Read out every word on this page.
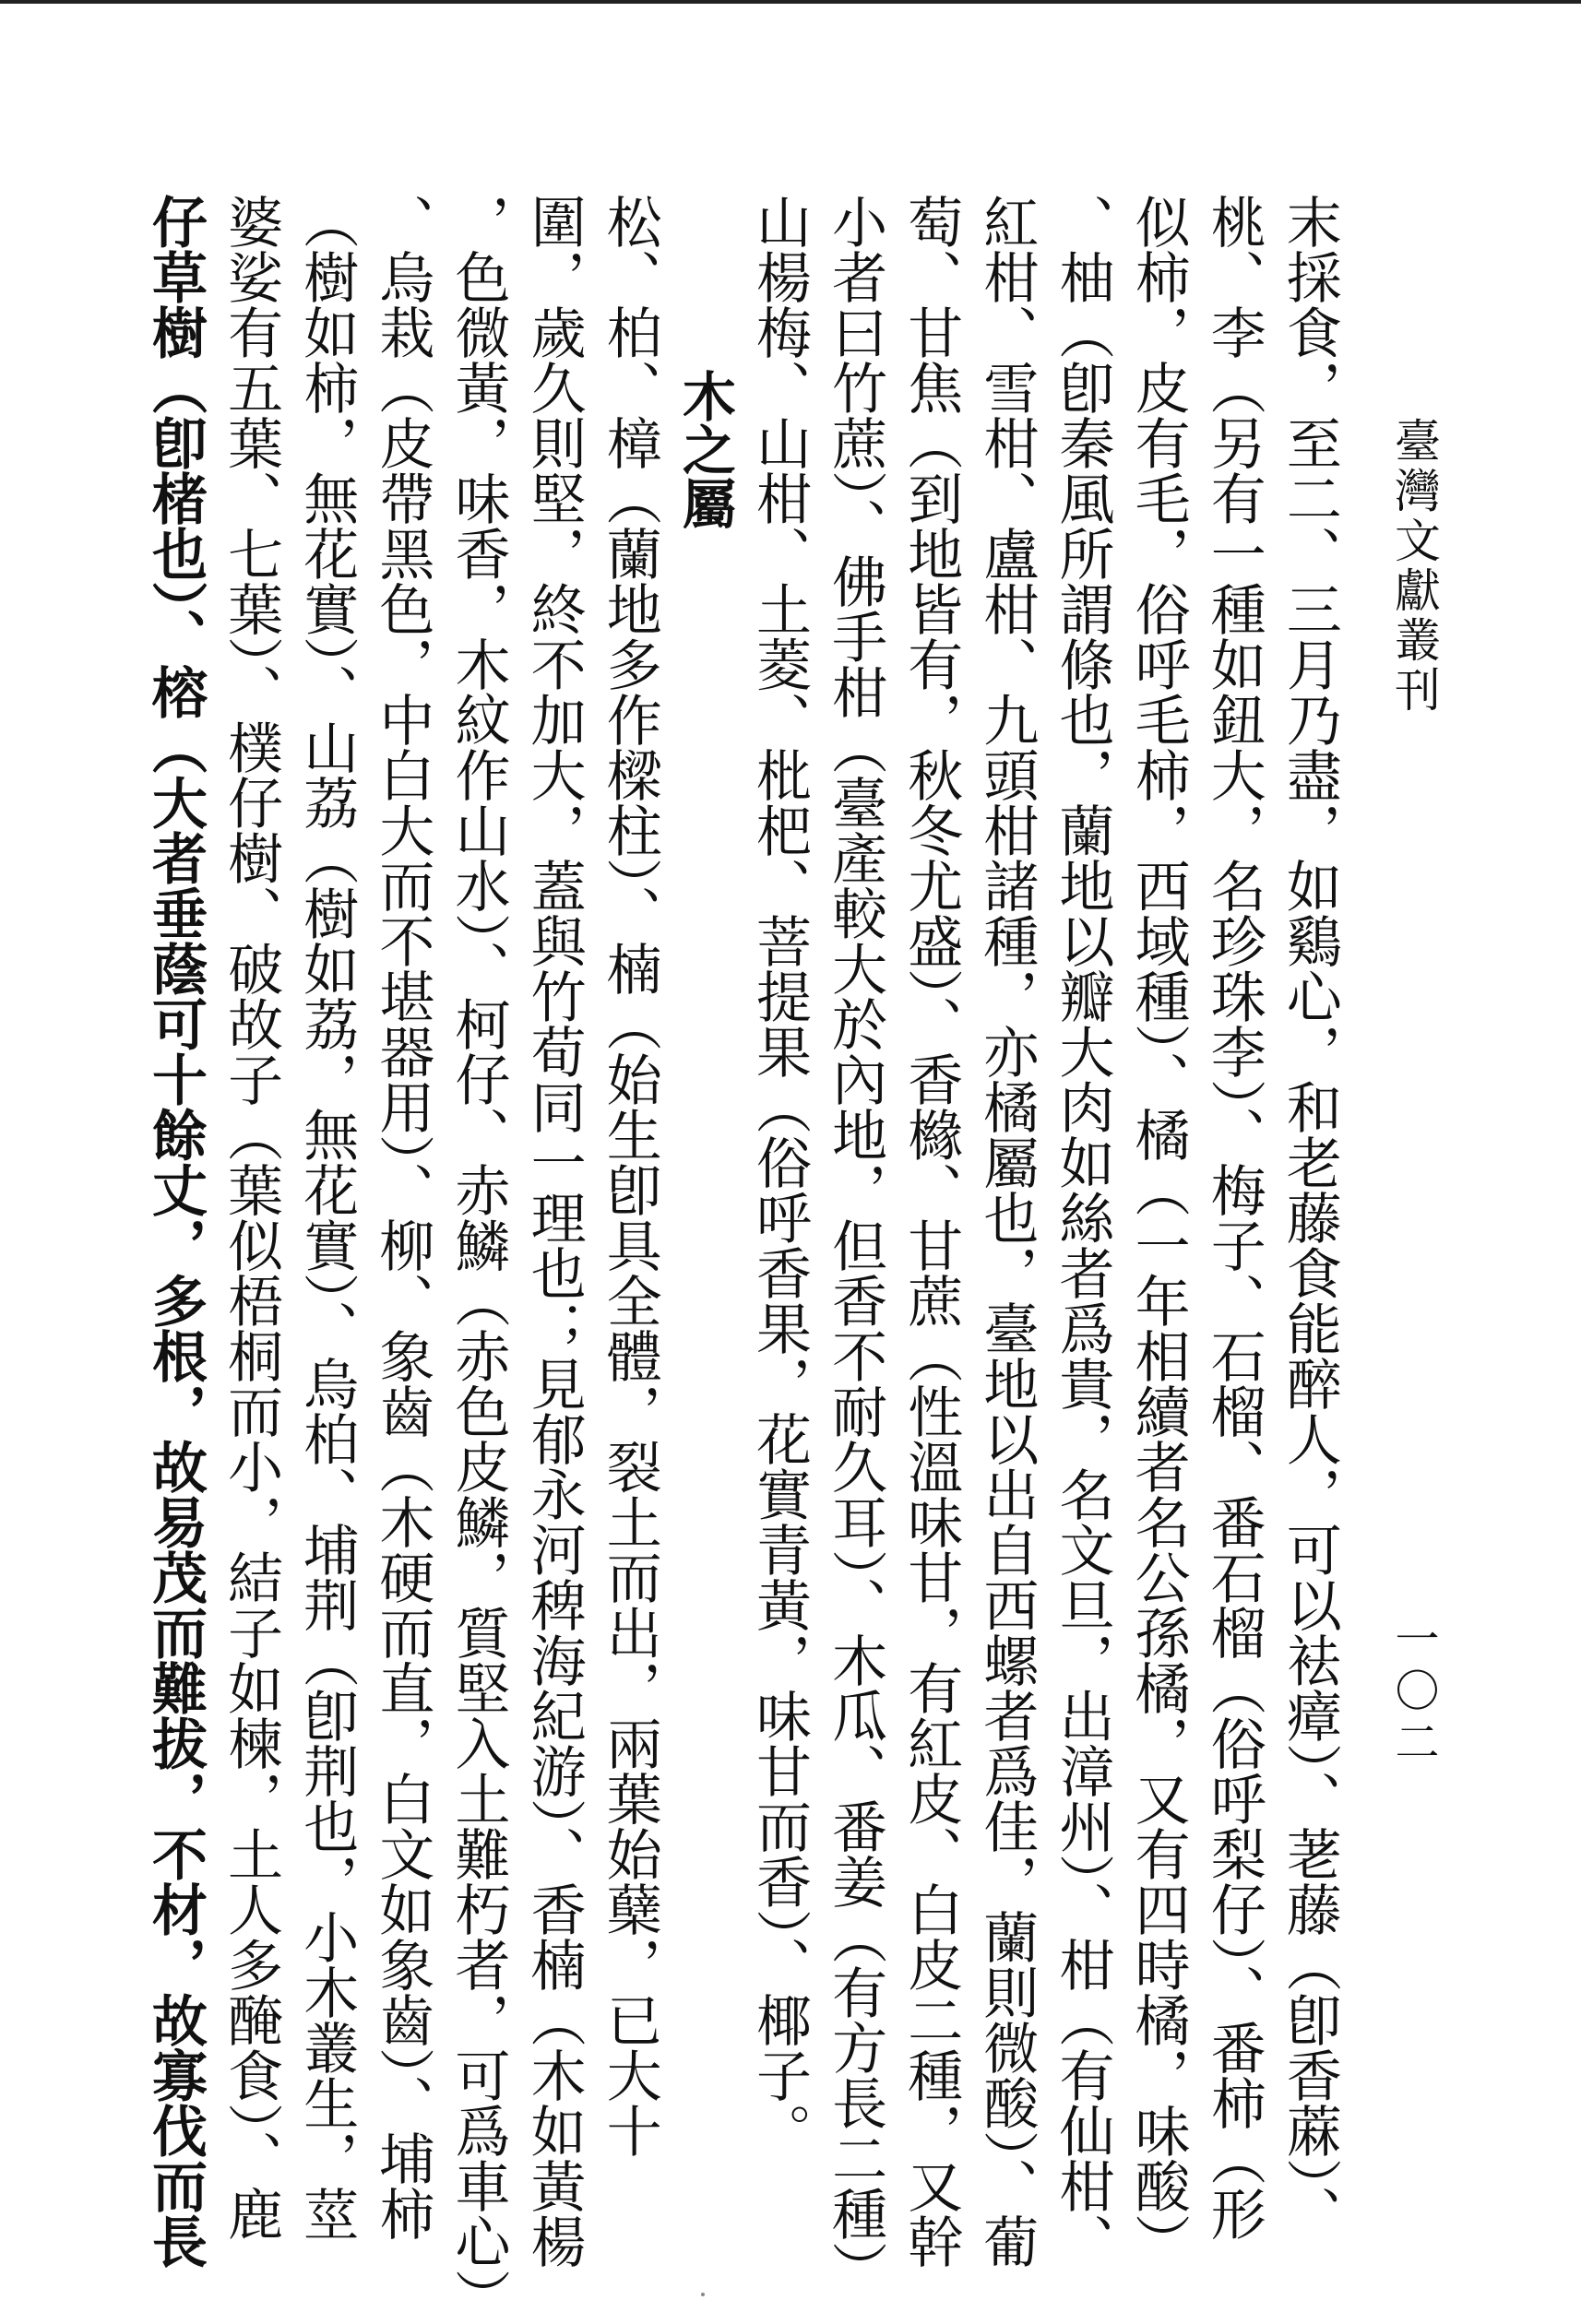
臺灣文獻叢刊
一〇二
末採食，至二、三月乃盡，如鷄心，和老藤食能醉人，可以袪瘴）、荖藤（卽香蔴）、
桃、李（另有一種如鈕大，名珍珠李）、梅子、石榴、番石榴（俗呼梨仔）、番柿（形
似柿，皮有毛，俗呼毛柿，西域種）、橘（一年相續者名公孫橘，又有四時橘，味酸）
、柚（卽秦風所謂條也，蘭地以瓣大肉如絲者爲貴，名文旦，出漳州）、柑（有仙柑、
紅柑、雪柑、盧柑、九頭柑諸種，亦橘屬也，臺地以出自西螺者爲佳，蘭則微酸）、葡
萄、甘焦（到地皆有，秋冬尤盛）、香櫞、甘蔗（性溫味甘，有紅皮、白皮二種，又幹
小者曰竹蔗）、佛手柑（臺產較大於內地，但香不耐久耳）、木瓜、番姜（有方長二種）
山楊梅、山柑、土菱、枇杷、菩提果（俗呼香果，花實青黃，味甘而香）、椰子。
木之屬
松、柏、樟（蘭地多作樑柱）、楠（始生卽具全體，裂土而出，兩葉始蘖，已大十
圍，歲久則堅，終不加大，蓋與竹荀同一理也；見郁永河稗海紀游）、香楠（木如黃楊
，色微黃，味香，木紋作山水）、柯仔、赤鱗（赤色皮鱗，質堅入土難朽者，可爲車心）
、烏栽（皮帶黑色，中白大而不堪器用）、柳、象齒（木硬而直，白文如象齒）、埔柿
（樹如柿，無花實）、山荔（樹如荔，無花實）、烏柏、埔荆（卽荆也，小木叢生，莖
婆娑有五葉、七葉）、樸仔樹、破故子（葉似梧桐而小，結子如楝，土人多醃食）、鹿
仔草樹（卽楮也）、榕（大者垂蔭可十餘丈，多根，故易茂而難拔，不材，故寡伐而長
